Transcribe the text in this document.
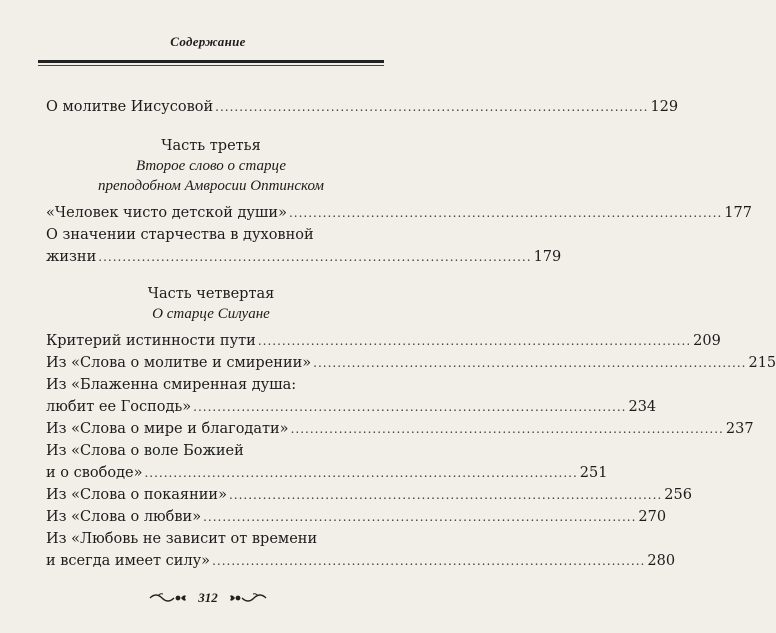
Содержание
О молитве Иисусовой .......................................................................................... 129
Часть третья
Второе слово о старце
преподобном Амвросии Оптинском
«Человек чисто детской души» .......................................................................................... 177
О значении старчества в духовной
жизни .......................................................................................... 179
Часть четвертая
О старце Силуане
Критерий истинности пути .......................................................................................... 209
Из «Слова о молитве и смирении» .......................................................................................... 215
Из «Блаженна смиренная душа:
любит ее Господь» .......................................................................................... 234
Из «Слова о мире и благодати» .......................................................................................... 237
Из «Слова о воле Божией
и о свободе» .......................................................................................... 251
Из «Слова о покаянии» .......................................................................................... 256
Из «Слова о любви» .......................................................................................... 270
Из «Любовь не зависит от времени
и всегда имеет силу» .......................................................................................... 280
312
